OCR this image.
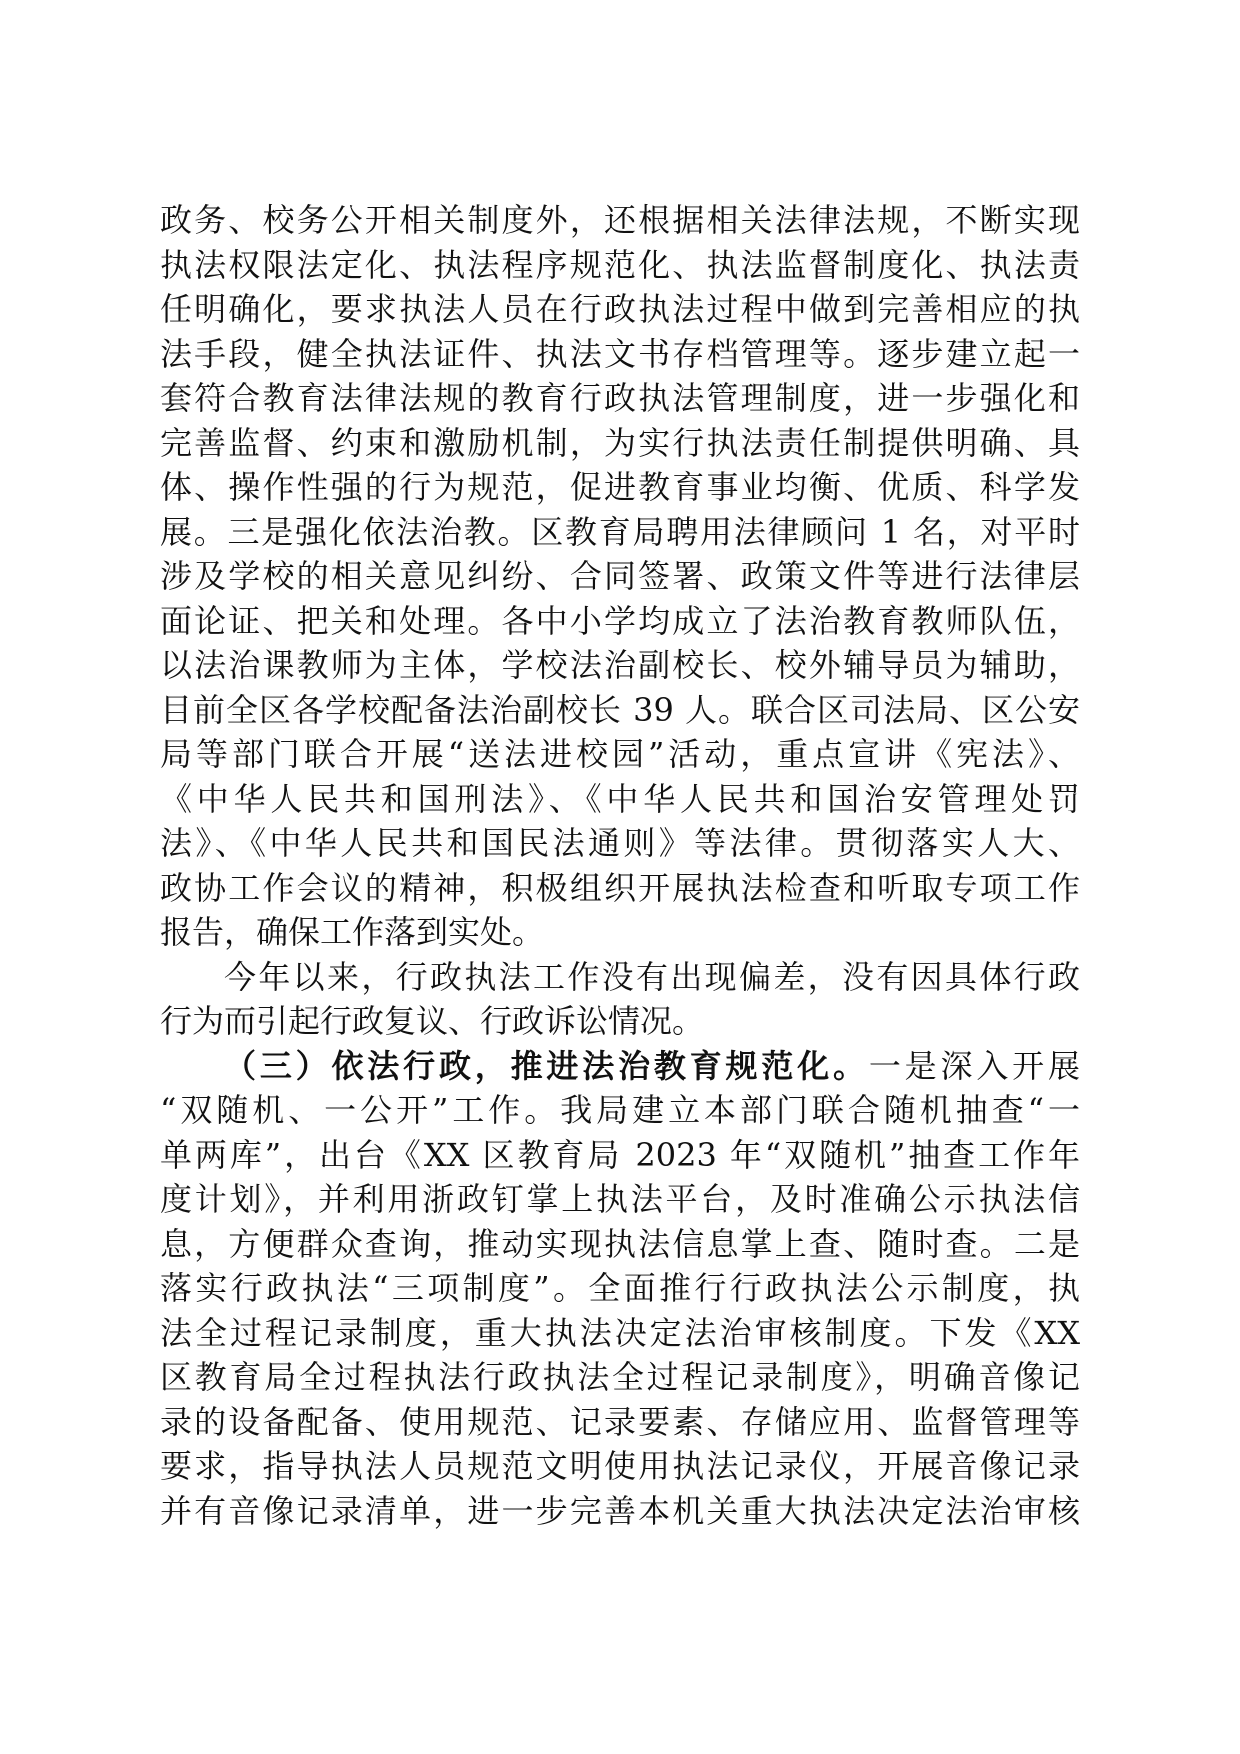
政务、校务公开相关制度外，还根据相关法律法规，不断实现
执法权限法定化、执法程序规范化、执法监督制度化、执法责
任明确化，要求执法人员在行政执法过程中做到完善相应的执
法手段，健全执法证件、执法文书存档管理等。逐步建立起一
套符合教育法律法规的教育行政执法管理制度，进一步强化和
完善监督、约束和激励机制，为实行执法责任制提供明确、具
体、操作性强的行为规范，促进教育事业均衡、优质、科学发
展。三是强化依法治教。区教育局聘用法律顾问 1 名，对平时
涉及学校的相关意见纠纷、合同签署、政策文件等进行法律层
面论证、把关和处理。各中小学均成立了法治教育教师队伍，
以法治课教师为主体，学校法治副校长、校外辅导员为辅助，
目前全区各学校配备法治副校长 39 人。联合区司法局、区公安
局等部门联合开展“送法进校园”活动，重点宣讲《宪法》、
《中华人民共和国刑法》、《中华人民共和国治安管理处罚
法》、《中华人民共和国民法通则》等法律。贯彻落实人大、
政协工作会议的精神，积极组织开展执法检查和听取专项工作
报告，确保工作落到实处。
今年以来，行政执法工作没有出现偏差，没有因具体行政
行为而引起行政复议、行政诉讼情况。
（三）依法行政，推进法治教育规范化。一是深入开展
“双随机、一公开”工作。我局建立本部门联合随机抽查“一
单两库”，出台《XX 区教育局 2023 年“双随机”抽查工作年
度计划》，并利用浙政钉掌上执法平台，及时准确公示执法信
息，方便群众查询，推动实现执法信息掌上查、随时查。二是
落实行政执法“三项制度”。全面推行行政执法公示制度，执
法全过程记录制度，重大执法决定法治审核制度。下发《XX
区教育局全过程执法行政执法全过程记录制度》，明确音像记
录的设备配备、使用规范、记录要素、存储应用、监督管理等
要求，指导执法人员规范文明使用执法记录仪，开展音像记录
并有音像记录清单，进一步完善本机关重大执法决定法治审核
